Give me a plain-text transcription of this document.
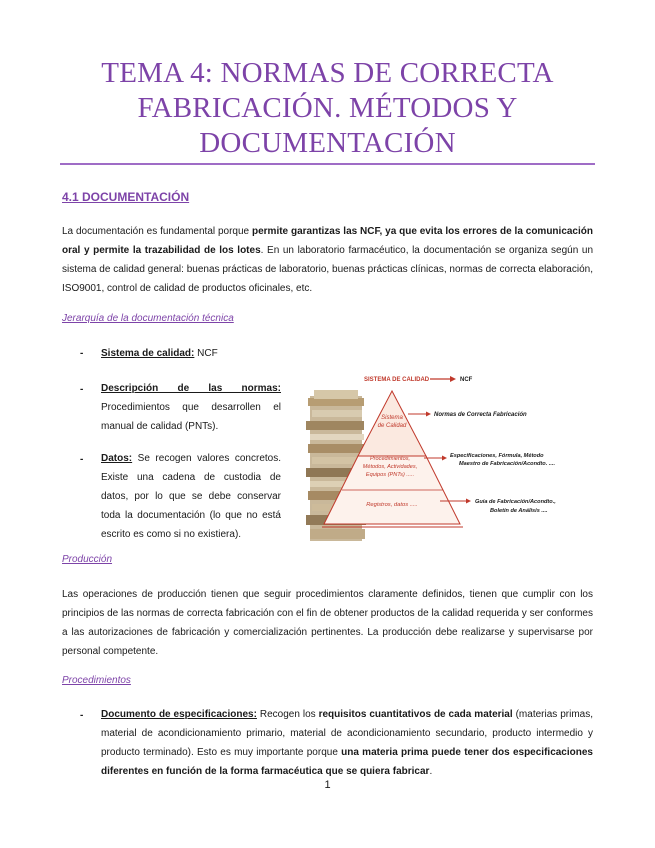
TEMA 4: NORMAS DE CORRECTA
FABRICACIÓN. MÉTODOS Y
DOCUMENTACIÓN
4.1 DOCUMENTACIÓN

La documentación es fundamental porque permite garantizas las NCF, ya que evita los errores de la comunicación oral y permite la trazabilidad de los lotes. En un laboratorio farmacéutico, la documentación se organiza según un sistema de calidad general: buenas prácticas de laboratorio, buenas prácticas clínicas, normas de correcta elaboración, ISO9001, control de calidad de productos oficinales, etc.

Jerarquía de la documentación técnica

- Sistema de calidad: NCF

- Descripción de las normas:

Procedimientos que desarrollen el manual de calidad (PNTs).

- Datos: Se recogen valores concretos. Existe una cadena de custodia de datos, por lo que se debe conservar toda la documentación (lo que no está escrito es como si no existiera).

SISTEMA DE CALIDAD	NCF
Sistema
de Calidad
Procedimientos,
Métodos, Actividades,
Equipos (PNTs) .....
Registros, datos .....
Normas de Correcta Fabricación
Especificaciones, Fórmula, Método
Maestro de Fabricación/Acondto. ....
Guía de Fabricación/Acondto.,
Boletín de Análisis ....

Producción

Las operaciones de producción tienen que seguir procedimientos claramente definidos, tienen que cumplir con los principios de las normas de correcta fabricación con el fin de obtener productos de la calidad requerida y ser conformes a las autorizaciones de fabricación y comercialización pertinentes. La producción debe realizarse y supervisarse por personal competente.

Procedimientos

- Documento de especificaciones: Recogen los requisitos cuantitativos de cada material (materias primas, material de acondicionamiento primario, material de acondicionamiento secundario, producto intermedio y producto terminado). Esto es muy importante porque una materia prima puede tener dos especificaciones diferentes en función de la forma farmacéutica que se quiera fabricar.

1
